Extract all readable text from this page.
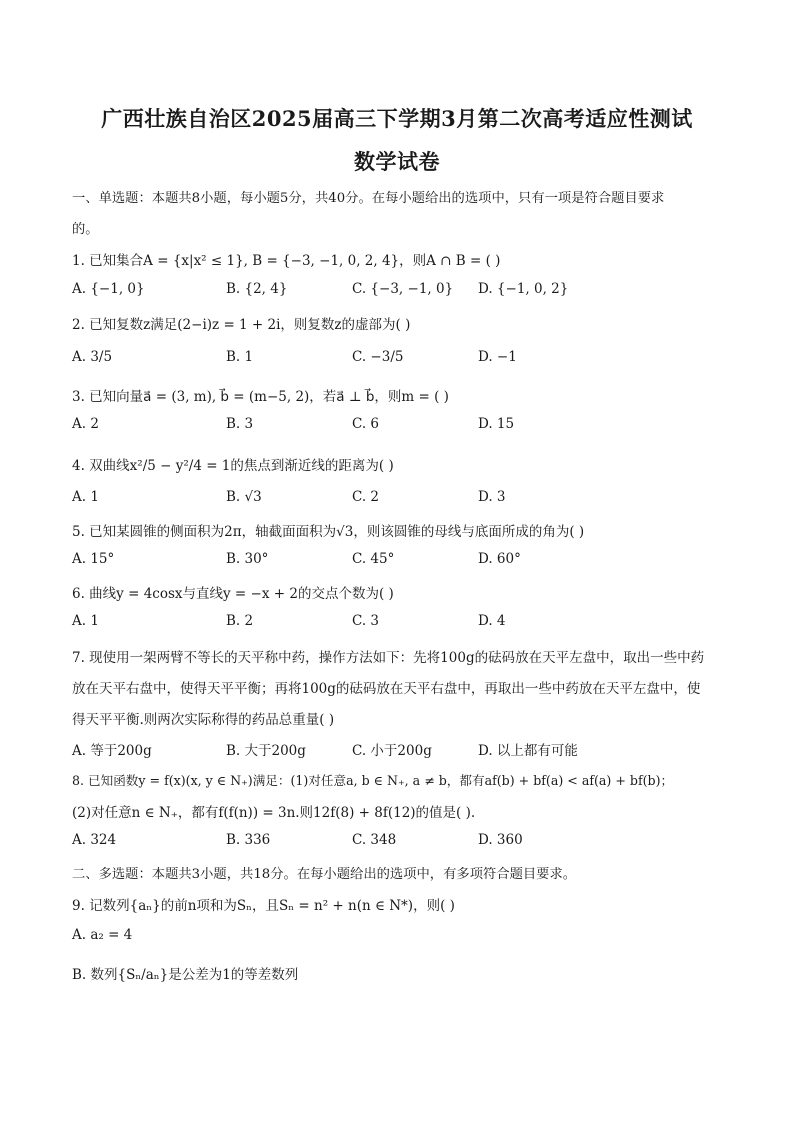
广西壮族自治区2025届高三下学期3月第二次高考适应性测试
数学试卷
一、单选题：本题共8小题，每小题5分，共40分。在每小题给出的选项中，只有一项是符合题目要求
的。
1. 已知集合A = {x|x² ≤ 1}, B = {−3, −1, 0, 2, 4}，则A ∩ B = ( )
A. {−1, 0}	B. {2, 4}	C. {−3, −1, 0} D. {−1, 0, 2}
2. 已知复数z满足(2−i)z = 1 + 2i，则复数z的虚部为( )
A. 3/5	B. 1	C. −3/5	D. −1
3. 已知向量a⃗ = (3, m), b⃗ = (m−5, 2)，若a⃗ ⊥ b⃗，则m = ( )
A. 2	B. 3	C. 6	D. 15
4. 双曲线x²/5 − y²/4 = 1的焦点到渐近线的距离为( )
A. 1	B. √3	C. 2	D. 3
5. 已知某圆锥的侧面积为2π，轴截面面积为√3，则该圆锥的母线与底面所成的角为( )
A. 15°	B. 30°	C. 45°	D. 60°
6. 曲线y = 4cosx与直线y = −x + 2的交点个数为( )
A. 1	B. 2	C. 3	D. 4
7. 现使用一架两臂不等长的天平称中药，操作方法如下：先将100g的砝码放在天平左盘中，取出一些中药
放在天平右盘中，使得天平平衡；再将100g的砝码放在天平右盘中，再取出一些中药放在天平左盘中，使
得天平平衡.则两次实际称得的药品总重量( )
A. 等于200g	B. 大于200g	C. 小于200g	D. 以上都有可能
8. 已知函数y = f(x)(x, y ∈ N₊)满足：(1)对任意a, b ∈ N₊, a ≠ b，都有af(b) + bf(a) < af(a) + bf(b)；
(2)对任意n ∈ N₊，都有f(f(n)) = 3n.则12f(8) + 8f(12)的值是( ).
A. 324	B. 336	C. 348	D. 360
二、多选题：本题共3小题，共18分。在每小题给出的选项中，有多项符合题目要求。
9. 记数列{aₙ}的前n项和为Sₙ，且Sₙ = n² + n(n ∈ N*)，则( )
A. a₂ = 4
B. 数列{Sₙ/aₙ}是公差为1的等差数列
